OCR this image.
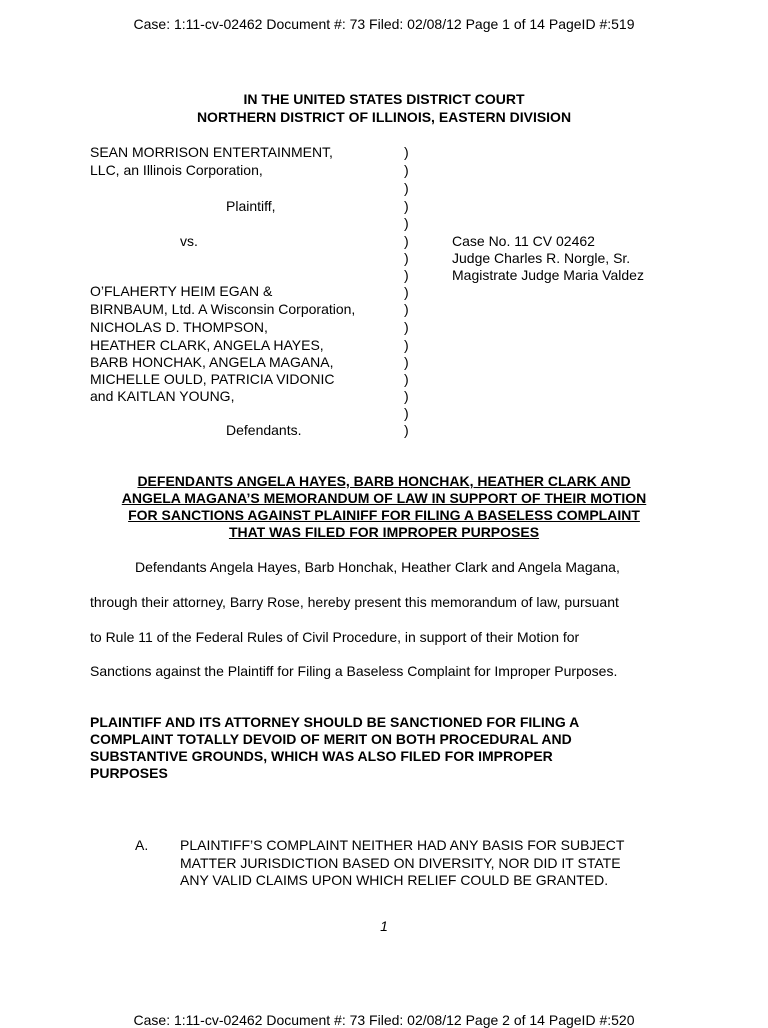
Case: 1:11-cv-02462 Document #: 73 Filed: 02/08/12 Page 1 of 14 PageID #:519
IN THE UNITED STATES DISTRICT COURT
NORTHERN DISTRICT OF ILLINOIS, EASTERN DIVISION
SEAN MORRISON ENTERTAINMENT,
LLC, an Illinois Corporation,
Plaintiff,
vs.
O’FLAHERTY HEIM EGAN &
BIRNBAUM, Ltd. A Wisconsin Corporation,
NICHOLAS D. THOMPSON,
HEATHER CLARK, ANGELA HAYES,
BARB HONCHAK, ANGELA MAGANA,
MICHELLE OULD, PATRICIA VIDONIC
and KAITLAN YOUNG,
Defendants.
)
)
)
)
)
)
)
)
)
)
)
)
)
)
)
)
)
Case No. 11 CV 02462
Judge Charles R. Norgle, Sr.
Magistrate Judge Maria Valdez
DEFENDANTS ANGELA HAYES, BARB HONCHAK, HEATHER CLARK AND
ANGELA MAGANA’S MEMORANDUM OF LAW IN SUPPORT OF THEIR MOTION
FOR SANCTIONS AGAINST PLAINIFF FOR FILING A BASELESS COMPLAINT
THAT WAS FILED FOR IMPROPER PURPOSES
Defendants Angela Hayes, Barb Honchak, Heather Clark and Angela Magana,
through their attorney, Barry Rose, hereby present this memorandum of law, pursuant
to Rule 11 of the Federal Rules of Civil Procedure, in support of their Motion for
Sanctions against the Plaintiff for Filing a Baseless Complaint for Improper Purposes.
PLAINTIFF AND ITS ATTORNEY SHOULD BE SANCTIONED FOR FILING A
COMPLAINT TOTALLY DEVOID OF MERIT ON BOTH PROCEDURAL AND
SUBSTANTIVE GROUNDS, WHICH WAS ALSO FILED FOR IMPROPER
PURPOSES
A. PLAINTIFF’S COMPLAINT NEITHER HAD ANY BASIS FOR SUBJECT
MATTER JURISDICTION BASED ON DIVERSITY, NOR DID IT STATE
ANY VALID CLAIMS UPON WHICH RELIEF COULD BE GRANTED.
1
Case: 1:11-cv-02462 Document #: 73 Filed: 02/08/12 Page 2 of 14 PageID #:520
